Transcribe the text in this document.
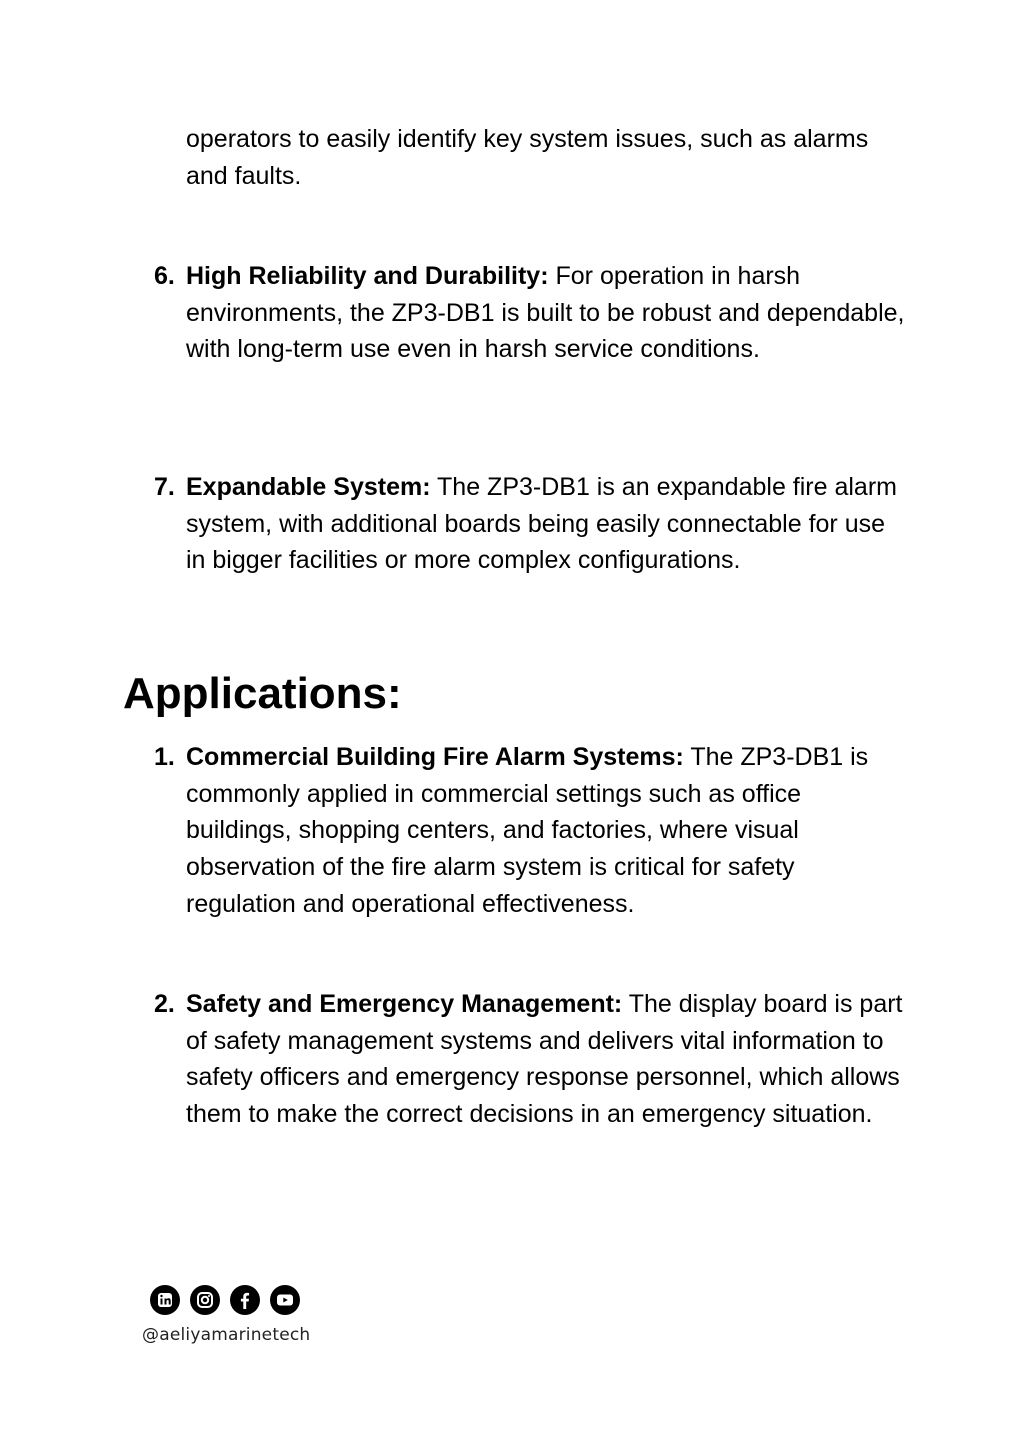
operators to easily identify key system issues, such as alarms and faults.

6. High Reliability and Durability: For operation in harsh environments, the ZP3-DB1 is built to be robust and dependable, with long-term use even in harsh service conditions.
7. Expandable System: The ZP3-DB1 is an expandable fire alarm system, with additional boards being easily connectable for use in bigger facilities or more complex configurations.
Applications:
1. Commercial Building Fire Alarm Systems: The ZP3-DB1 is commonly applied in commercial settings such as office buildings, shopping centers, and factories, where visual observation of the fire alarm system is critical for safety regulation and operational effectiveness.
2. Safety and Emergency Management: The display board is part of safety management systems and delivers vital information to safety officers and emergency response personnel, which allows them to make the correct decisions in an emergency situation.
@aeliyamarinetech
